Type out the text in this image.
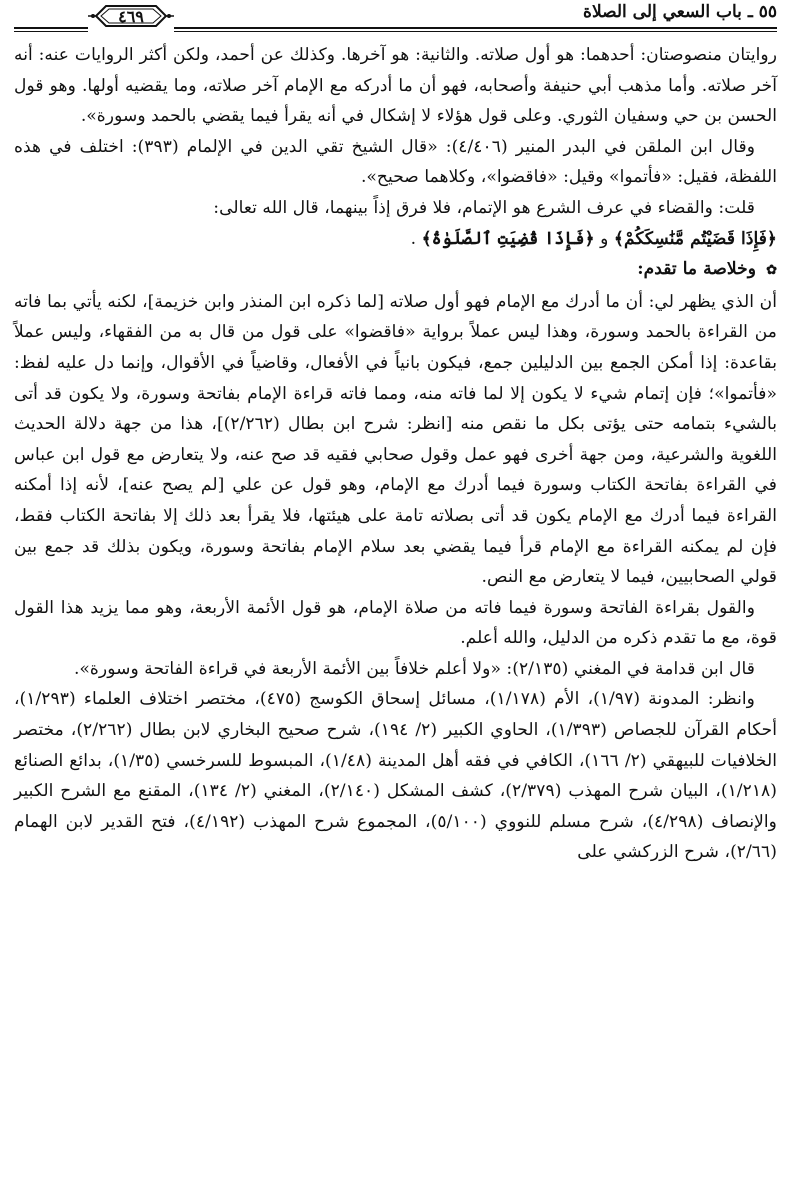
٥٥ ـ باب السعي إلى الصلاة
٤٦٩

روايتان منصوصتان: أحدهما: هو أول صلاته. والثانية: هو آخرها. وكذلك عن أحمد، ولكن أكثر الروايات عنه: أنه آخر صلاته. وأما مذهب أبي حنيفة وأصحابه، فهو أن ما أدركه مع الإمام آخر صلاته، وما يقضيه أولها. وهو قول الحسن بن حي وسفيان الثوري. وعلى قول هؤلاء لا إشكال في أنه يقرأ فيما يقضي بالحمد وسورة».

وقال ابن الملقن في البدر المنير (٤/٤٠٦): «قال الشيخ تقي الدين في الإلمام (٣٩٣): اختلف في هذه اللفظة، فقيل: «فأتموا» وقيل: «فاقضوا»، وكلاهما صحيح».

قلت: والقضاء في عرف الشرع هو الإتمام، فلا فرق إذاً بينهما، قال الله تعالى:

﴿فَإِذَا قَضَيْتُم مَّنَٰسِكَكُمْ﴾ و ﴿فَإِذَا قُضِيَتِ ٱلصَّلَوٰةُ﴾ .

✿ وخلاصة ما تقدم:

أن الذي يظهر لي: أن ما أدرك مع الإمام فهو أول صلاته [لما ذكره ابن المنذر وابن خزيمة]، لكنه يأتي بما فاته من القراءة بالحمد وسورة، وهذا ليس عملاً برواية «فاقضوا» على قول من قال به من الفقهاء، وليس عملاً بقاعدة: إذا أمكن الجمع بين الدليلين جمع، فيكون بانياً في الأفعال، وقاضياً في الأقوال، وإنما دل عليه لفظ: «فأتموا»؛ فإن إتمام شيء لا يكون إلا لما فاته منه، ومما فاته قراءة الإمام بفاتحة وسورة، ولا يكون قد أتى بالشيء بتمامه حتى يؤتى بكل ما نقص منه [انظر: شرح ابن بطال (٢/٢٦٢)]، هذا من جهة دلالة الحديث اللغوية والشرعية، ومن جهة أخرى فهو عمل وقول صحابي فقيه قد صح عنه، ولا يتعارض مع قول ابن عباس في القراءة بفاتحة الكتاب وسورة فيما أدرك مع الإمام، وهو قول عن علي [لم يصح عنه]، لأنه إذا أمكنه القراءة فيما أدرك مع الإمام يكون قد أتى بصلاته تامة على هيئتها، فلا يقرأ بعد ذلك إلا بفاتحة الكتاب فقط، فإن لم يمكنه القراءة مع الإمام قرأ فيما يقضي بعد سلام الإمام بفاتحة وسورة، ويكون بذلك قد جمع بين قولي الصحابيين، فيما لا يتعارض مع النص.

والقول بقراءة الفاتحة وسورة فيما فاته من صلاة الإمام، هو قول الأئمة الأربعة، وهو مما يزيد هذا القول قوة، مع ما تقدم ذكره من الدليل، والله أعلم.

قال ابن قدامة في المغني (٢/١٣٥): «ولا أعلم خلافاً بين الأئمة الأربعة في قراءة الفاتحة وسورة».

وانظر: المدونة (١/٩٧)، الأم (١/١٧٨)، مسائل إسحاق الكوسج (٤٧٥)، مختصر اختلاف العلماء (١/٢٩٣)، أحكام القرآن للجصاص (١/٣٩٣)، الحاوي الكبير (٢/ ١٩٤)، شرح صحيح البخاري لابن بطال (٢/٢٦٢)، مختصر الخلافيات للبيهقي (٢/ ١٦٦)، الكافي في فقه أهل المدينة (١/٤٨)، المبسوط للسرخسي (١/٣٥)، بدائع الصنائع (١/٢١٨)، البيان شرح المهذب (٢/٣٧٩)، كشف المشكل (٢/١٤٠)، المغني (٢/ ١٣٤)، المقنع مع الشرح الكبير والإنصاف (٤/٢٩٨)، شرح مسلم للنووي (٥/١٠٠)، المجموع شرح المهذب (٤/١٩٢)، فتح القدير لابن الهمام (٢/٦٦)، شرح الزركشي على
